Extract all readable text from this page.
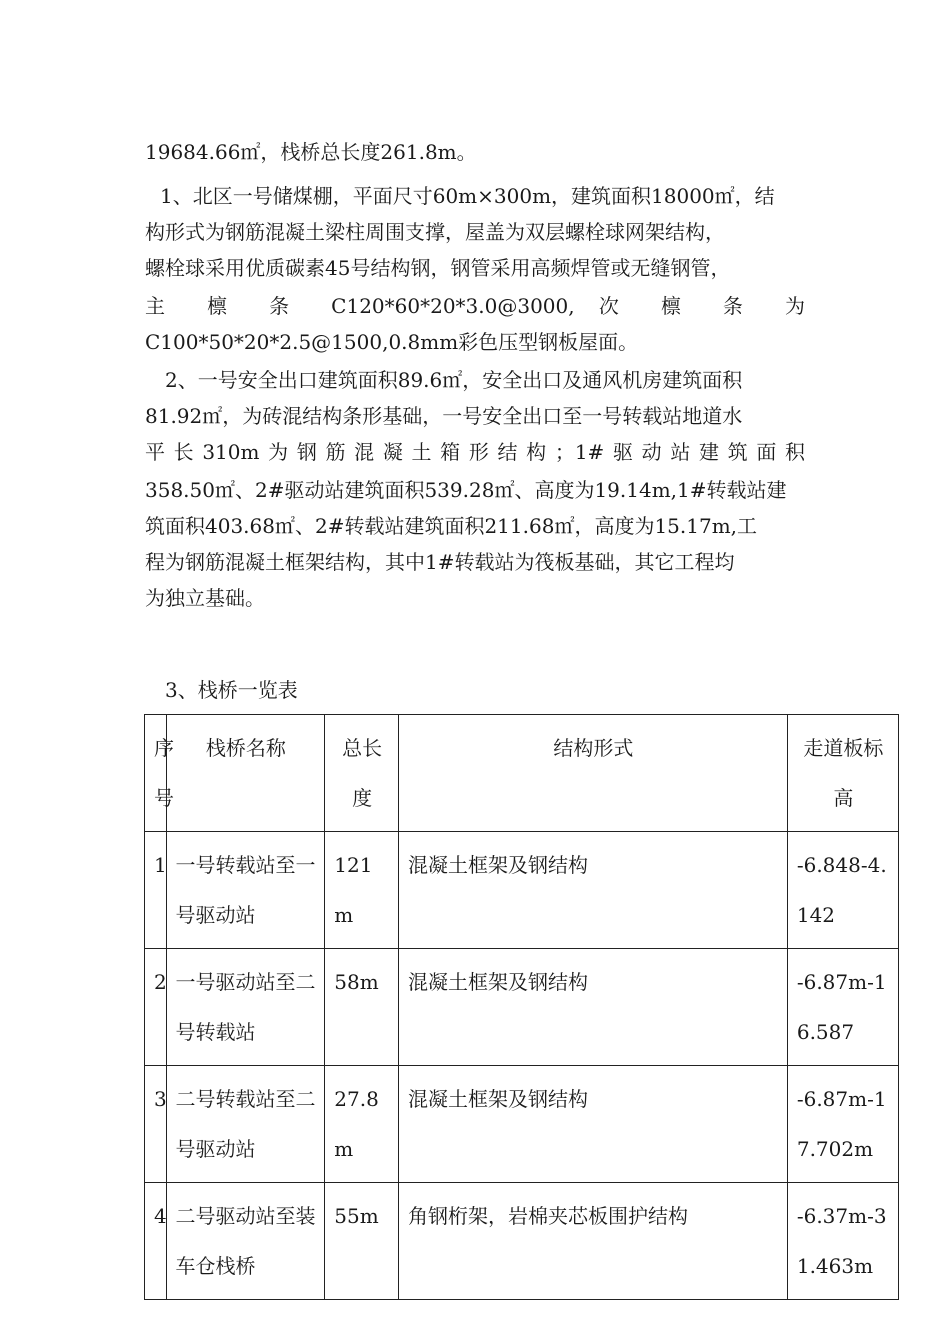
19684.66㎡，栈桥总长度261.8m。
1、北区一号储煤棚，平面尺寸60m×300m，建筑面积18000㎡，结
构形式为钢筋混凝土梁柱周围支撑，屋盖为双层螺栓球网架结构，
螺栓球采用优质碳素45号结构钢，钢管采用高频焊管或无缝钢管，
主 檩 条 C120*60*20*3.0@3000, 次 檩 条 为
C100*50*20*2.5@1500,0.8mm彩色压型钢板屋面。
2、一号安全出口建筑面积89.6㎡，安全出口及通风机房建筑面积
81.92㎡，为砖混结构条形基础，一号安全出口至一号转载站地道水
平长310m为钢筋混凝土箱形结构；1#驱动站建筑面积
358.50㎡、2#驱动站建筑面积539.28㎡、高度为19.14m,1#转载站建
筑面积403.68㎡、2#转载站建筑面积211.68㎡，高度为15.17m,工
程为钢筋混凝土框架结构，其中1#转载站为筏板基础，其它工程均
为独立基础。
3、栈桥一览表
序号	栈桥名称	总长度	结构形式	走道板标高
1	一号转载站至一号驱动站	121m	混凝土框架及钢结构	-6.848-4.142
2	一号驱动站至二号转载站	58m	混凝土框架及钢结构	-6.87m-16.587
3	二号转载站至二号驱动站	27.8m	混凝土框架及钢结构	-6.87m-17.702m
4	二号驱动站至装车仓栈桥	55m	角钢桁架，岩棉夹芯板围护结构	-6.37m-31.463m
